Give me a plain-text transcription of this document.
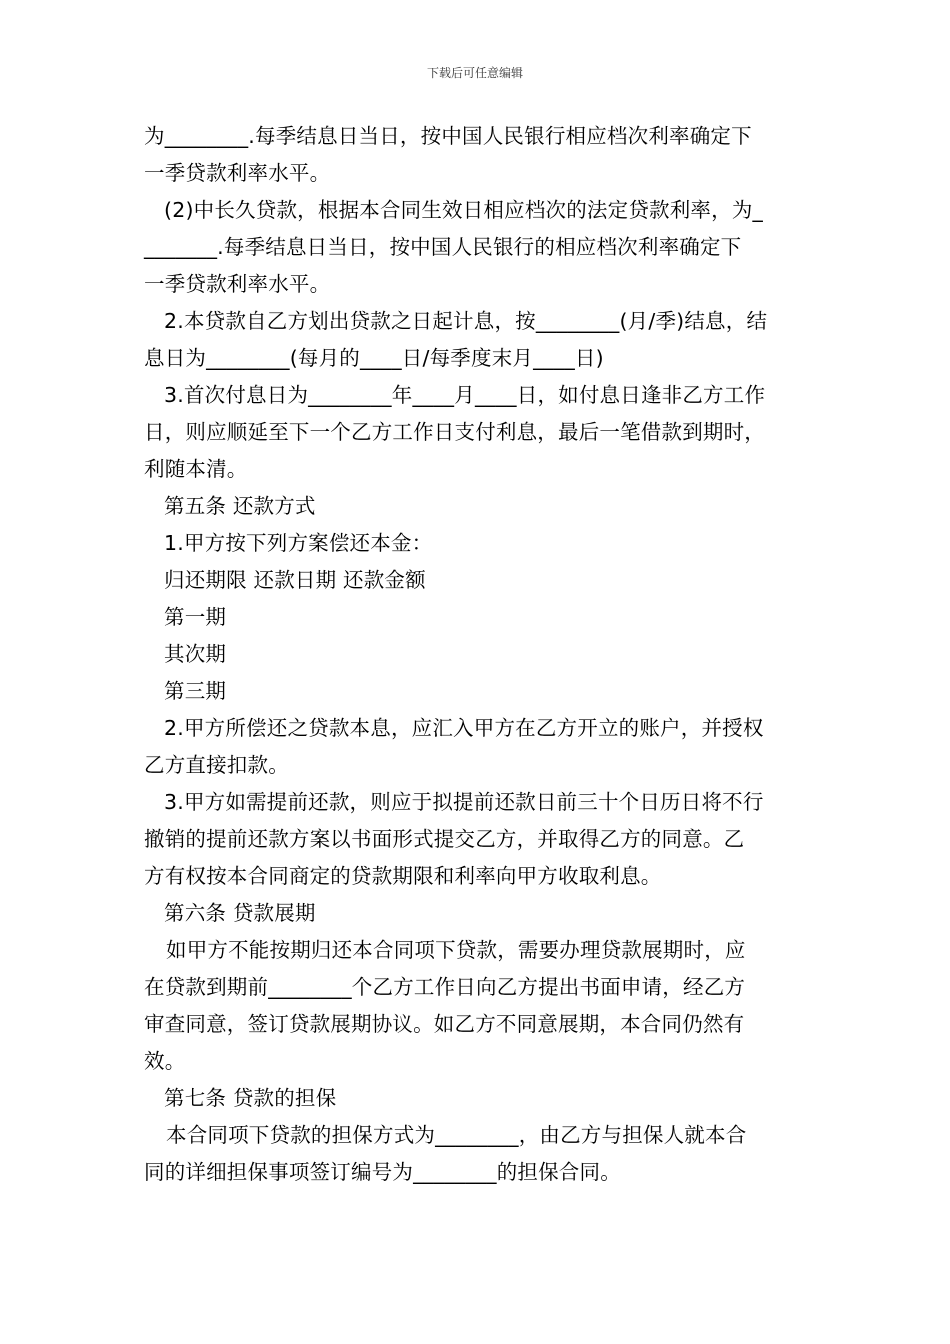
下载后可任意编辑

为________.每季结息日当日，按中国人民银行相应档次利率确定下

一季贷款利率水平。

(2)中长久贷款，根据本合同生效日相应档次的法定贷款利率，为_

_______.每季结息日当日，按中国人民银行的相应档次利率确定下

一季贷款利率水平。

2.本贷款自乙方划出贷款之日起计息，按________(月/季)结息，结

息日为________(每月的____日/每季度末月____日)

3.首次付息日为________年____月____日，如付息日逢非乙方工作

日，则应顺延至下一个乙方工作日支付利息，最后一笔借款到期时，

利随本清。

第五条 还款方式

1.甲方按下列方案偿还本金：

归还期限 还款日期 还款金额

第一期

其次期

第三期

2.甲方所偿还之贷款本息，应汇入甲方在乙方开立的账户，并授权

乙方直接扣款。

3.甲方如需提前还款，则应于拟提前还款日前三十个日历日将不行

撤销的提前还款方案以书面形式提交乙方，并取得乙方的同意。乙

方有权按本合同商定的贷款期限和利率向甲方收取利息。

第六条 贷款展期

如甲方不能按期归还本合同项下贷款，需要办理贷款展期时，应

在贷款到期前________个乙方工作日向乙方提出书面申请，经乙方

审查同意，签订贷款展期协议。如乙方不同意展期，本合同仍然有

效。

第七条 贷款的担保

本合同项下贷款的担保方式为________，由乙方与担保人就本合

同的详细担保事项签订编号为________的担保合同。
